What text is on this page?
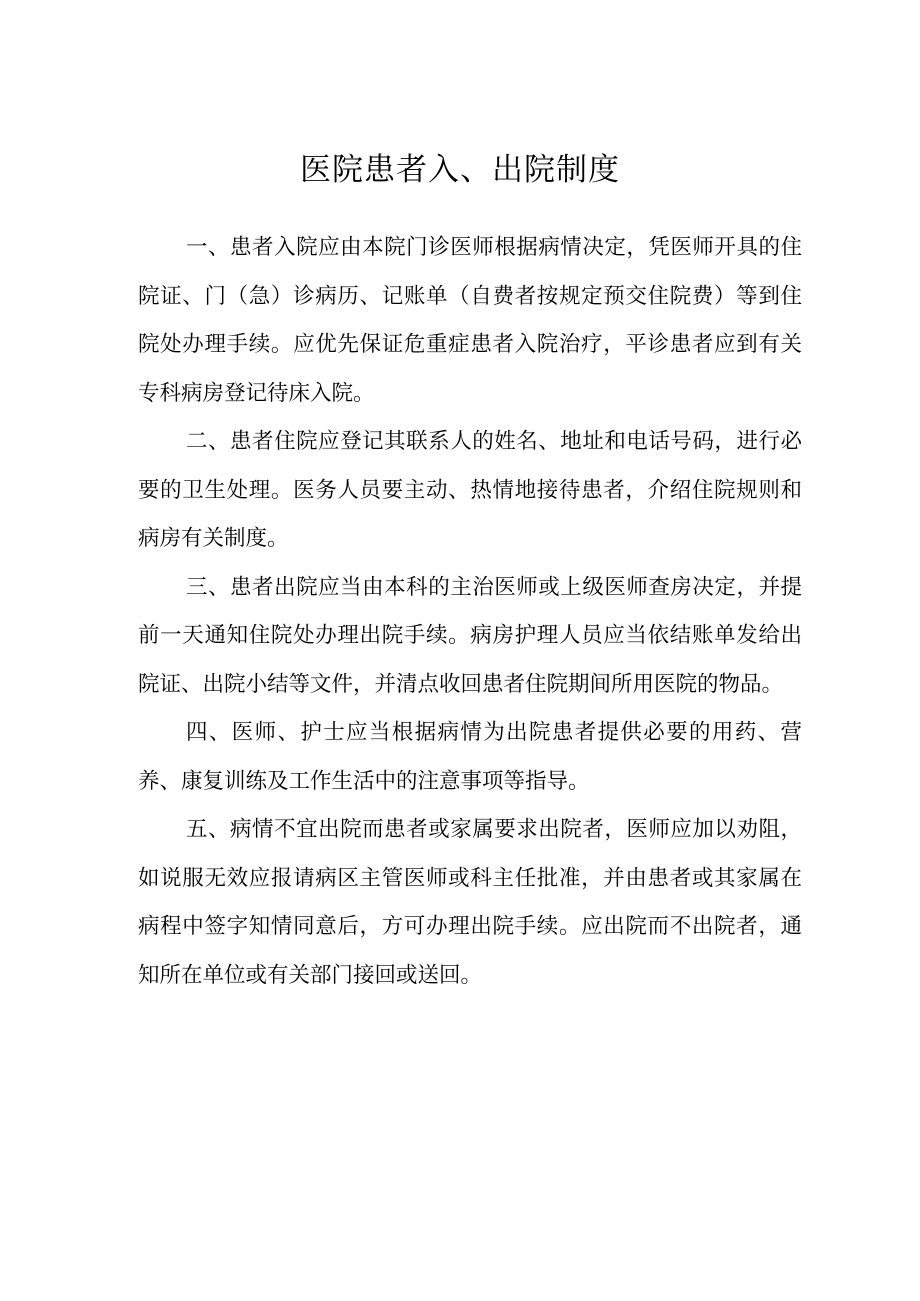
医院患者入、出院制度

一、患者入院应由本院门诊医师根据病情决定，凭医师开具的住院证、门（急）诊病历、记账单（自费者按规定预交住院费）等到住院处办理手续。应优先保证危重症患者入院治疗，平诊患者应到有关专科病房登记待床入院。

二、患者住院应登记其联系人的姓名、地址和电话号码，进行必要的卫生处理。医务人员要主动、热情地接待患者，介绍住院规则和病房有关制度。

三、患者出院应当由本科的主治医师或上级医师查房决定，并提前一天通知住院处办理出院手续。病房护理人员应当依结账单发给出院证、出院小结等文件，并清点收回患者住院期间所用医院的物品。

四、医师、护士应当根据病情为出院患者提供必要的用药、营养、康复训练及工作生活中的注意事项等指导。

五、病情不宜出院而患者或家属要求出院者，医师应加以劝阻，如说服无效应报请病区主管医师或科主任批准，并由患者或其家属在病程中签字知情同意后，方可办理出院手续。应出院而不出院者，通知所在单位或有关部门接回或送回。
